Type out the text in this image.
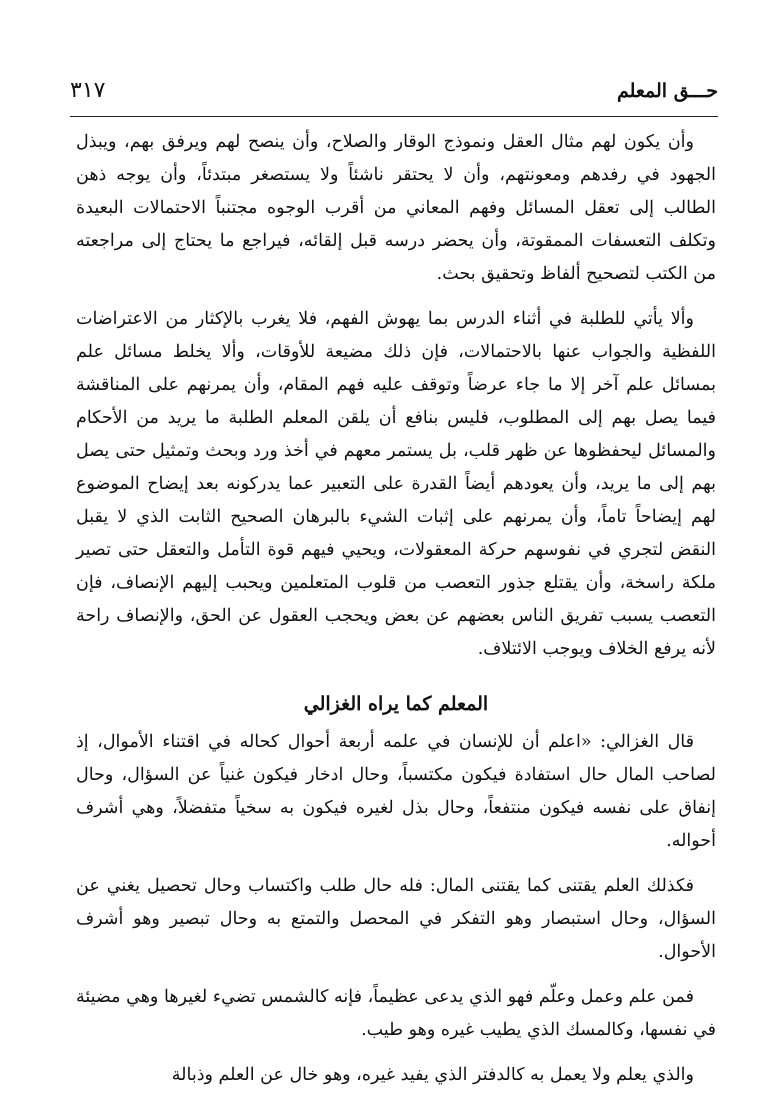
حـــق المعلم
٣١٧

وأن يكون لهم مثال العقل ونموذج الوقار والصلاح، وأن ينصح لهم ويرفق بهم، ويبذل الجهود في رفدهم ومعونتهم، وأن لا يحتقر ناشئاً ولا يستصغر مبتدئاً، وأن يوجه ذهن الطالب إلى تعقل المسائل وفهم المعاني من أقرب الوجوه مجتنباً الاحتمالات البعيدة وتكلف التعسفات الممقوتة، وأن يحضر درسه قبل إلقائه، فيراجع ما يحتاج إلى مراجعته من الكتب لتصحيح ألفاظ وتحقيق بحث.

وألا يأتي للطلبة في أثناء الدرس بما يهوش الفهم، فلا يغرب بالإكثار من الاعتراضات اللفظية والجواب عنها بالاحتمالات، فإن ذلك مضيعة للأوقات، وألا يخلط مسائل علم بمسائل علم آخر إلا ما جاء عرضاً وتوقف عليه فهم المقام، وأن يمرنهم على المناقشة فيما يصل بهم إلى المطلوب، فليس بنافع أن يلقن المعلم الطلبة ما يريد من الأحكام والمسائل ليحفظوها عن ظهر قلب، بل يستمر معهم في أخذ ورد وبحث وتمثيل حتى يصل بهم إلى ما يريد، وأن يعودهم أيضاً القدرة على التعبير عما يدركونه بعد إيضاح الموضوع لهم إيضاحاً تاماً، وأن يمرنهم على إثبات الشيء بالبرهان الصحيح الثابت الذي لا يقبل النقض لتجري في نفوسهم حركة المعقولات، ويحيي فيهم قوة التأمل والتعقل حتى تصير ملكة راسخة، وأن يقتلع جذور التعصب من قلوب المتعلمين ويحبب إليهم الإنصاف، فإن التعصب يسبب تفريق الناس بعضهم عن بعض ويحجب العقول عن الحق، والإنصاف راحة لأنه يرفع الخلاف ويوجب الائتلاف.

المعلم كما يراه الغزالي

قال الغزالي: «اعلم أن للإنسان في علمه أربعة أحوال كحاله في اقتناء الأموال، إذ لصاحب المال حال استفادة فيكون مكتسباً، وحال ادخار فيكون غنياً عن السؤال، وحال إنفاق على نفسه فيكون منتفعاً، وحال بذل لغيره فيكون به سخياً متفضلاً، وهي أشرف أحواله.

فكذلك العلم يقتنى كما يقتنى المال: فله حال طلب واكتساب وحال تحصيل يغني عن السؤال، وحال استبصار وهو التفكر في المحصل والتمتع به وحال تبصير وهو أشرف الأحوال.

فمن علم وعمل وعلّم فهو الذي يدعى عظيماً، فإنه كالشمس تضيء لغيرها وهي مضيئة في نفسها، وكالمسك الذي يطيب غيره وهو طيب.

والذي يعلم ولا يعمل به كالدفتر الذي يفيد غيره، وهو خال عن العلم وذبالة
